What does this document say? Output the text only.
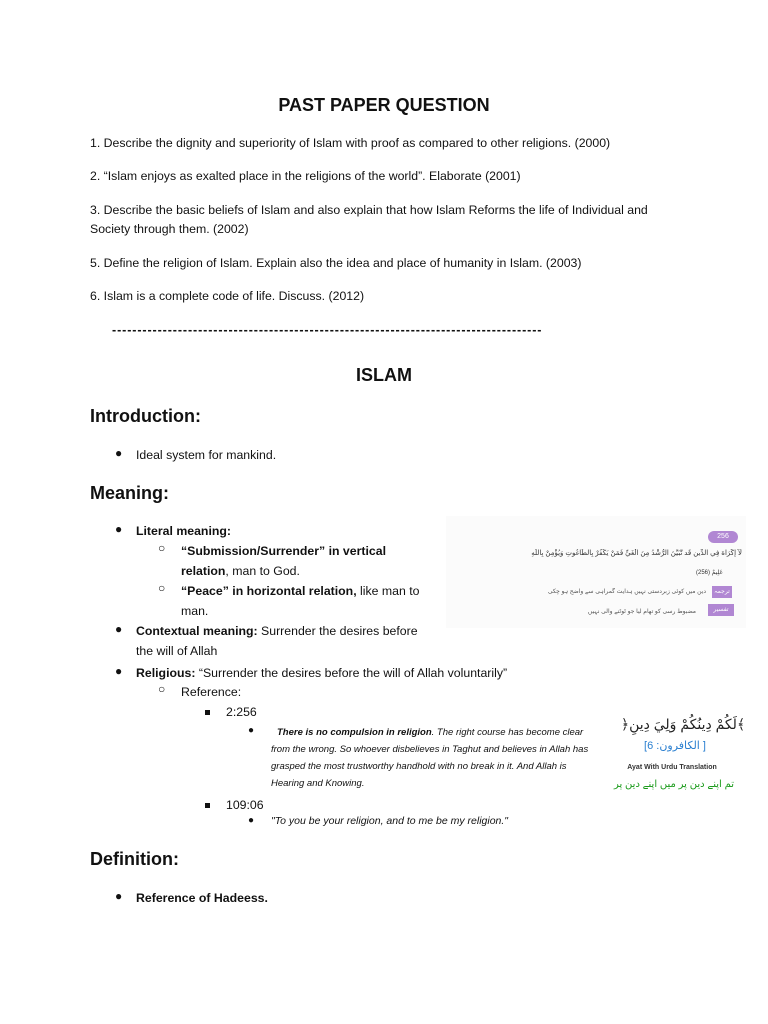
PAST PAPER QUESTION
1. Describe the dignity and superiority of Islam with proof as compared to other religions. (2000)
2. “Islam enjoys as exalted place in the religions of the world”. Elaborate (2001)
3. Describe the basic beliefs of Islam and also explain that how Islam Reforms the life of Individual and Society through them. (2002)
5. Define the religion of Islam. Explain also the idea and place of humanity in Islam. (2003)
6. Islam is a complete code of life. Discuss. (2012)
-------------------------------------------------------------------------------------
ISLAM
Introduction:
● Ideal system for mankind.
Meaning:
● Literal meaning:
○ “Submission/Surrender” in vertical relation, man to God.
○ “Peace” in horizontal relation, like man to man.
● Contextual meaning: Surrender the desires before the will of Allah
● Religious: “Surrender the desires before the will of Allah voluntarily”
○ Reference:
2:256
●	There is no compulsion in religion. The right course has become clear from the wrong. So whoever disbelieves in Taghut and believes in Allah has grasped the most trustworthy handhold with no break in it. And Allah is Hearing and Knowing.
109:06
● "To you be your religion, and to me be my religion."
256
لَآ إِكْرَاهَ فِي الدِّينِ قَد تَّبَيَّنَ الرُّشْدُ مِنَ الْغَيِّ فَمَنْ يَكْفُرْ بِالطَّاغُوتِ وَيُؤْمِنْ بِاللَّهِ
عَلِيمٌ (256)
دین میں کوئی زبردستی نہیں ہدایت گمراہی سے واضح ہو چکی	ترجمہ
مضبوط رسی کو تھام لیا جو ٹوٹنے والی نہیں	تفسیر
﴿لَكُمْ دِينُكُمْ وَلِيَ دِينِ﴾
[ الکافرون: 6]
Ayat With Urdu Translation
تم اپنے دین پر میں اپنے دین پر
Definition:
● Reference of Hadeess.
